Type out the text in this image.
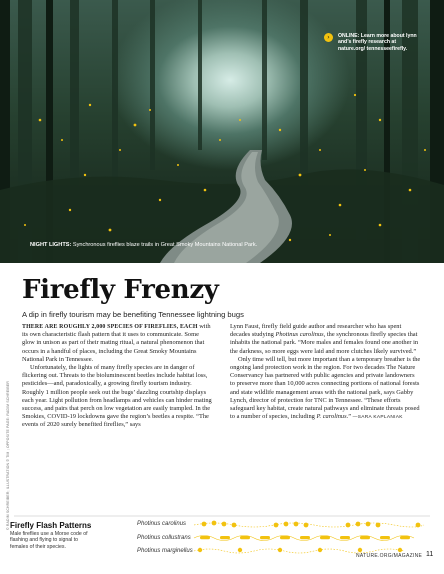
›	ONLINE: Learn more about lynn and’s firefly research at nature.org/ tennesseefirefly.
NIGHT LIGHTS: Synchronous fireflies blaze trails in Great Smoky Mountains National Park.
© RADIM SCHREIBER; ILLUSTRATION © TIM ; OPPOSITE PAGE: RADIM SCHREIBER
Firefly Frenzy
A dip in firefly tourism may be benefiting Tennessee lightning bugs

THERE ARE ROUGHLY 2,000 SPECIES OF FIREFLIES, EACH with its own characteristic flash pattern that it uses to communicate. Some glow in unison as part of their mating ritual, a natural phenomenon that occurs in a handful of places, including the Great Smoky Mountains National Park in Tennessee.

Unfortunately, the lights of many firefly species are in danger of flickering out. Threats to the bioluminescent beetles include habitat loss, pesticides—and, paradoxically, a growing firefly tourism industry. Roughly 1 million people seek out the bugs’ dazzling courtship displays each year. Light pollution from headlamps and vehicles can hinder mating success, and pairs that perch on low vegetation are easily trampled. In the Smokies, COVID-19 lockdowns gave the region’s beetles a respite. “The events of 2020 surely benefited fireflies,” says

Lynn Faust, firefly field guide author and researcher who has spent decades studying Photinus carolinus, the synchronous firefly species that inhabits the national park. “More males and females found one another in the darkness, so more eggs were laid and more clutches likely survived.”

Only time will tell, but more important than a temporary breather is the ongoing land protection work in the region. For two decades The Nature Conservancy has partnered with public agencies and private landowners to preserve more than 10,000 acres connecting portions of national forests and state wildlife management areas with the national park, says Gabby Lynch, director of protection for TNC in Tennessee. “These efforts safeguard key habitat, create natural pathways and eliminate threats posed to a number of species, including P. carolinus.” —SARA KAPLANIAK

Firefly Flash Patterns
Male fireflies use a Morse code of flashing and flying to signal to females of their species.
Photinus carolinus
Photinus collustrans
Photinus marginellus
NATURE.ORG/MAGAZINE 11
